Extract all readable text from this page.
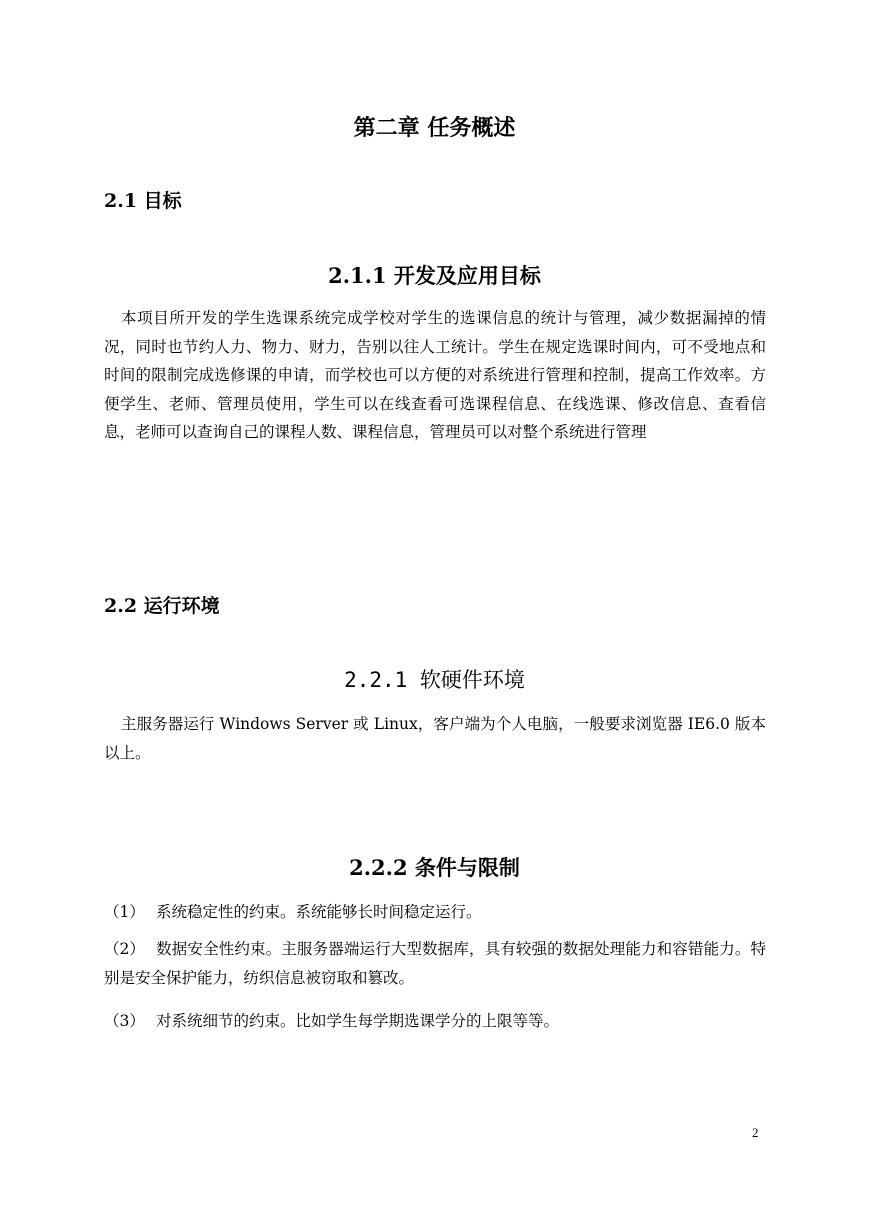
第二章 任务概述
2.1 目标
2.1.1 开发及应用目标
本项目所开发的学生选课系统完成学校对学生的选课信息的统计与管理，减少数据漏掉的情况，同时也节约人力、物力、财力，告别以往人工统计。学生在规定选课时间内，可不受地点和时间的限制完成选修课的申请，而学校也可以方便的对系统进行管理和控制，提高工作效率。方便学生、老师、管理员使用，学生可以在线查看可选课程信息、在线选课、修改信息、查看信息，老师可以查询自己的课程人数、课程信息，管理员可以对整个系统进行管理
2.2 运行环境
2.2.1 软硬件环境
主服务器运行 Windows Server 或 Linux，客户端为个人电脑，一般要求浏览器 IE6.0 版本以上。
2.2.2 条件与限制
（1） 系统稳定性的约束。系统能够长时间稳定运行。
（2） 数据安全性约束。主服务器端运行大型数据库，具有较强的数据处理能力和容错能力。特别是安全保护能力，纺织信息被窃取和篡改。
（3） 对系统细节的约束。比如学生每学期选课学分的上限等等。
2
